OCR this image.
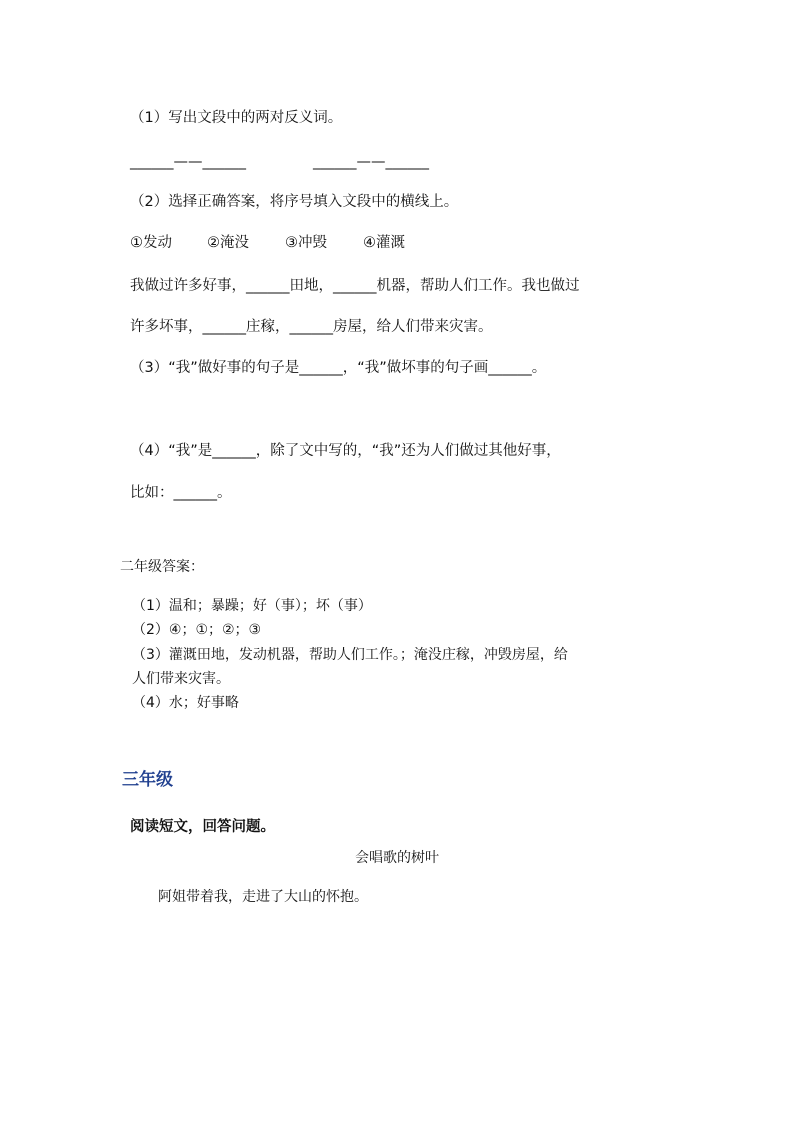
（1）写出文段中的两对反义词。
______——______	______——______
（2）选择正确答案，将序号填入文段中的横线上。
①发动 ②淹没 ③冲毁 ④灌溉
我做过许多好事，______田地，______机器，帮助人们工作。我也做过
许多坏事，______庄稼，______房屋，给人们带来灾害。
（3）“我”做好事的句子是______，“我”做坏事的句子画______。
（4）“我”是______，除了文中写的，“我”还为人们做过其他好事，
比如：______。
二年级答案：
（1）温和；暴躁；好（事）；坏（事）
（2）④；①；②；③
（3）灌溉田地，发动机器，帮助人们工作。；淹没庄稼，冲毁房屋，给
人们带来灾害。
（4）水；好事略
三年级
阅读短文，回答问题。
会唱歌的树叶
阿姐带着我，走进了大山的怀抱。
